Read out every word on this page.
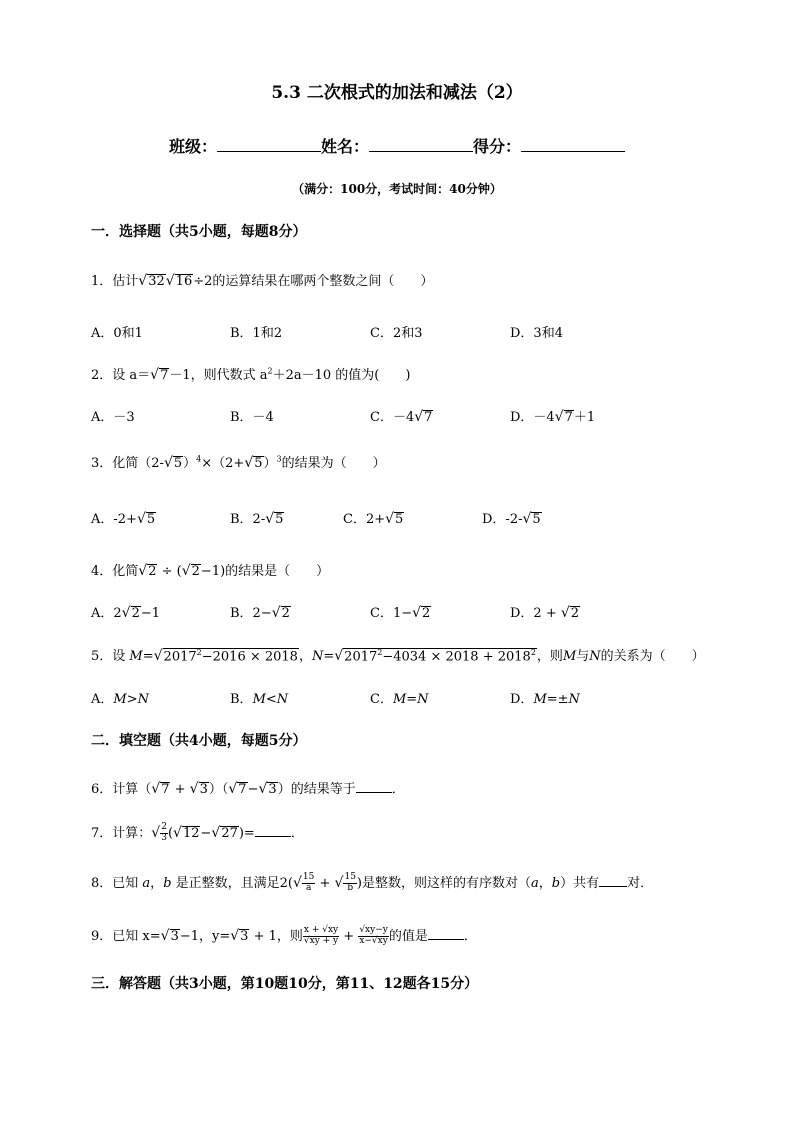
5.3 二次根式的加法和减法（2）
班级：	姓名：	得分：
（满分：100分，考试时间：40分钟）
一．选择题（共5小题，每题8分）
1．估计√32√16÷2的运算结果在哪两个整数之间（　　）
A．0和1	B．1和2	C．2和3	D．3和4
2．设 a＝√7－1，则代数式 $a^2+2a-10$ 的值为(　　)
A．－3	B．－4	C．－4√7	D．－4√7＋1
3．化简$(2-√5)^4\times(2+√5)^3$的结果为（　　）
A．-2+√5	B．2-√5	C．2+√5	D．-2-√5
4．化简√2 ÷ (√2−1)的结果是（　　）
A．2√2−1	B．2−√2	C．1−√2	D．2 + √2
5．设 $M=√2017^2-2016 \times 2018$，$N=√2017^2-4034 \times 2018 + 2018^2$，则M与N的关系为（　　）
A．M>N	B．M<N	C．M=N	D．M=±N
二．填空题（共4小题，每题5分）
6．计算（√7 + √3）（√7−√3）的结果等于	．
7．计算：√ $\frac{2}{3} (√12-√27)=$	．
8．已知 a，b 是正整数，且满足$2(√ \frac{15}{a}$ + √ $\frac{15}{b}$ )是整数，则这样的有序数对（a，b）共有 对．
9．已知 x=√3−1，y=√3 + 1，则 $\frac{x + √xy}{√xy + y} + \frac{√xy-y}{x-√xy}$ 的值是	．
三．解答题（共3小题，第10题10分，第11、12题各15分）
